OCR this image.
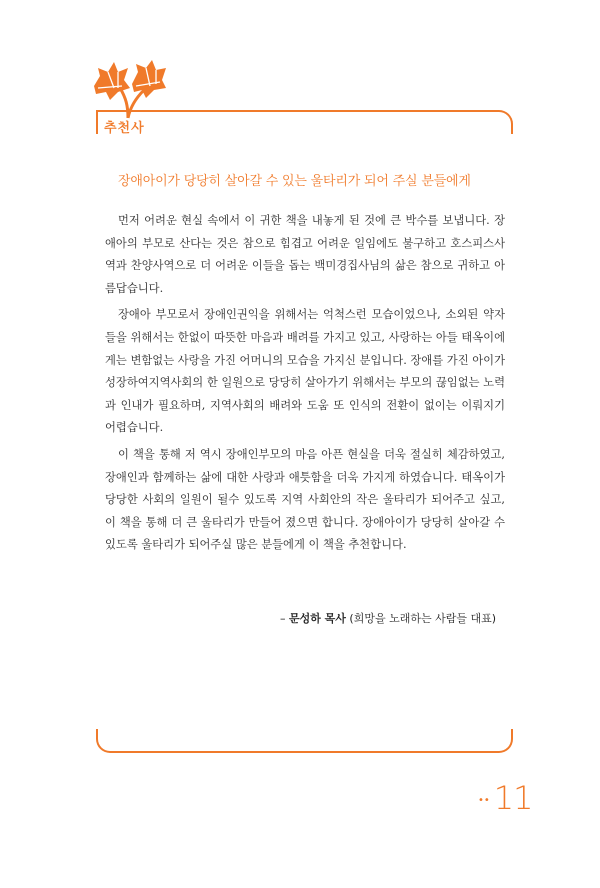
추천사
장애아이가 당당히 살아갈 수 있는 울타리가 되어 주실 분들에게

먼저 어려운 현실 속에서 이 귀한 책을 내놓게 된 것에 큰 박수를 보냅니다. 장애아의 부모로 산다는 것은 참으로 힘겹고 어려운 일임에도 불구하고 호스피스사역과 찬양사역으로 더 어려운 이들을 돕는 백미경집사님의 삶은 참으로 귀하고 아름답습니다.

장애아 부모로서 장애인권익을 위해서는 억척스런 모습이었으나, 소외된 약자들을 위해서는 한없이 따뜻한 마음과 배려를 가지고 있고, 사랑하는 아들 태옥이에게는 변함없는 사랑을 가진 어머니의 모습을 가지신 분입니다. 장애를 가진 아이가 성장하여지역사회의 한 일원으로 당당히 살아가기 위해서는 부모의 끊임없는 노력과 인내가 필요하며, 지역사회의 배려와 도움 또 인식의 전환이 없이는 이뤄지기 어렵습니다.

이 책을 통해 저 역시 장애인부모의 마음 아픈 현실을 더욱 절실히 체감하였고, 장애인과 함께하는 삶에 대한 사랑과 애틋함을 더욱 가지게 하였습니다. 태옥이가 당당한 사회의 일원이 될수 있도록 지역 사회안의 작은 울타리가 되어주고 싶고, 이 책을 통해 더 큰 울타리가 만들어 졌으면 합니다. 장애아이가 당당히 살아갈 수 있도록 울타리가 되어주실 많은 분들에게 이 책을 추천합니다.

– 문성하 목사 (희망을 노래하는 사람들 대표)
•• 11
